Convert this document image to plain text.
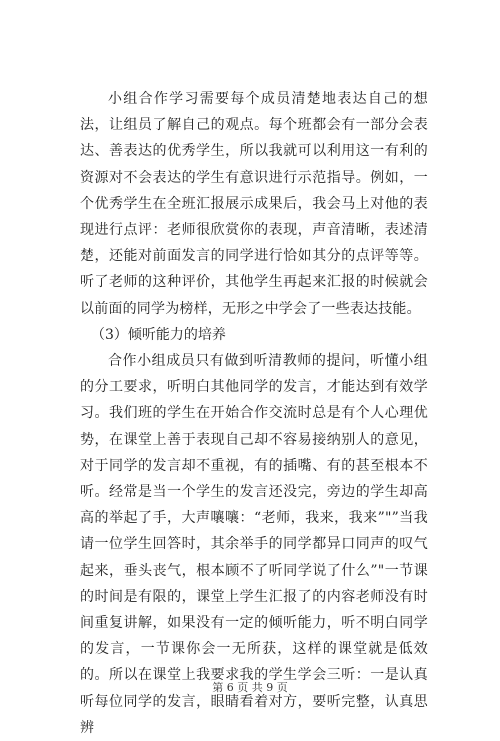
小组合作学习需要每个成员清楚地表达自己的想法，让组员了解自己的观点。每个班都会有一部分会表达、善表达的优秀学生，所以我就可以利用这一有利的资源对不会表达的学生有意识进行示范指导。例如，一个优秀学生在全班汇报展示成果后，我会马上对他的表现进行点评：老师很欣赏你的表现，声音清晰，表述清楚，还能对前面发言的同学进行恰如其分的点评等等。听了老师的这种评价，其他学生再起来汇报的时候就会以前面的同学为榜样，无形之中学会了一些表达技能。

（3）倾听能力的培养

合作小组成员只有做到听清教师的提问，听懂小组的分工要求，听明白其他同学的发言，才能达到有效学习。我们班的学生在开始合作交流时总是有个人心理优势，在课堂上善于表现自己却不容易接纳别人的意见，对于同学的发言却不重视，有的插嘴、有的甚至根本不听。经常是当一个学生的发言还没完，旁边的学生却高高的举起了手，大声嚷嚷：“老师，我来，我来”"”当我请一位学生回答时，其余举手的同学都异口同声的叹气起来，垂头丧气，根本顾不了听同学说了什么”"一节课的时间是有限的，课堂上学生汇报了的内容老师没有时间重复讲解，如果没有一定的倾听能力，听不明白同学的发言，一节课你会一无所获，这样的课堂就是低效的。所以在课堂上我要求我的学生学会三听：一是认真听每位同学的发言，眼睛看着对方，要听完整，认真思辨

第 6 页 共 9 页
